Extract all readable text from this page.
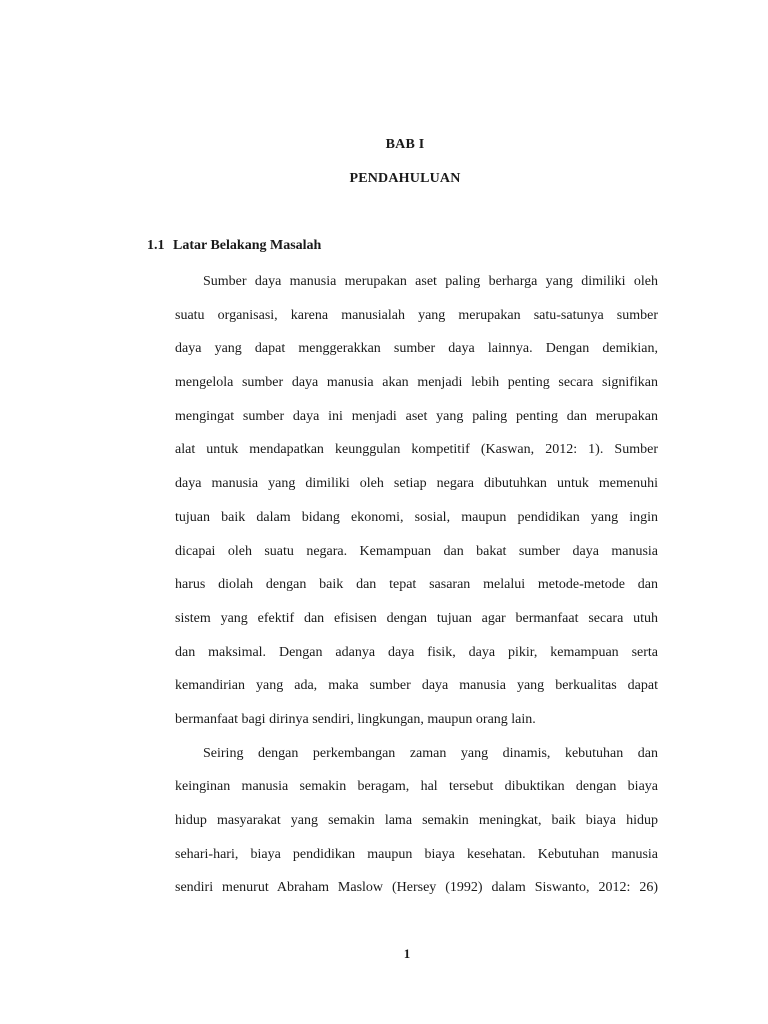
BAB I
PENDAHULUAN
1.1 Latar Belakang Masalah
Sumber daya manusia merupakan aset paling berharga yang dimiliki oleh
suatu organisasi, karena manusialah yang merupakan satu-satunya sumber
daya yang dapat menggerakkan sumber daya lainnya. Dengan demikian,
mengelola sumber daya manusia akan menjadi lebih penting secara signifikan
mengingat sumber daya ini menjadi aset yang paling penting dan merupakan
alat untuk mendapatkan keunggulan kompetitif (Kaswan, 2012: 1). Sumber
daya manusia yang dimiliki oleh setiap negara dibutuhkan untuk memenuhi
tujuan baik dalam bidang ekonomi, sosial, maupun pendidikan yang ingin
dicapai oleh suatu negara. Kemampuan dan bakat sumber daya manusia
harus diolah dengan baik dan tepat sasaran melalui metode-metode dan
sistem yang efektif dan efisisen dengan tujuan agar bermanfaat secara utuh
dan maksimal. Dengan adanya daya fisik, daya pikir, kemampuan serta
kemandirian yang ada, maka sumber daya manusia yang berkualitas dapat
bermanfaat bagi dirinya sendiri, lingkungan, maupun orang lain.
Seiring dengan perkembangan zaman yang dinamis, kebutuhan dan
keinginan manusia semakin beragam, hal tersebut dibuktikan dengan biaya
hidup masyarakat yang semakin lama semakin meningkat, baik biaya hidup
sehari-hari, biaya pendidikan maupun biaya kesehatan. Kebutuhan manusia
sendiri menurut Abraham Maslow (Hersey (1992) dalam Siswanto, 2012: 26)
1
